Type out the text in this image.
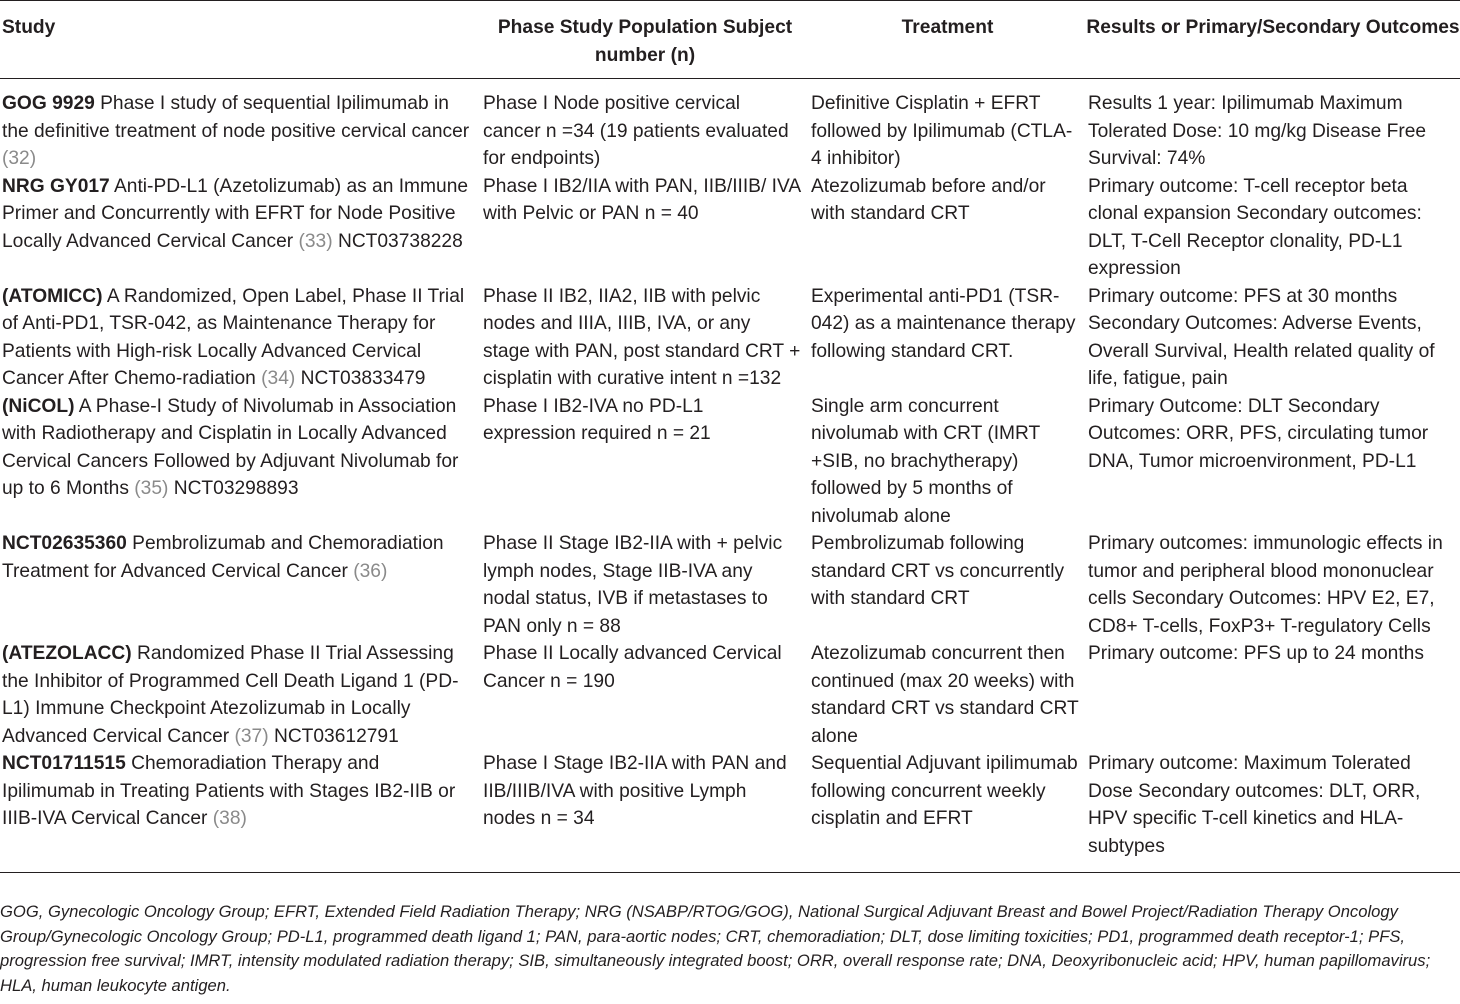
Study	Phase Study Population Subject number (n)	Treatment	Results or Primary/Secondary Outcomes
GOG 9929 Phase I study of sequential Ipilimumab in the definitive treatment of node positive cervical cancer (32)	Phase I Node positive cervical cancer n =34 (19 patients evaluated for endpoints)	Definitive Cisplatin + EFRT followed by Ipilimumab (CTLA-4 inhibitor)	Results 1 year: Ipilimumab Maximum Tolerated Dose: 10 mg/kg Disease Free Survival: 74%
NRG GY017 Anti-PD-L1 (Azetolizumab) as an Immune Primer and Concurrently with EFRT for Node Positive Locally Advanced Cervical Cancer (33) NCT03738228	Phase I IB2/IIA with PAN, IIB/IIIB/ IVA with Pelvic or PAN n = 40	Atezolizumab before and/or with standard CRT	Primary outcome: T-cell receptor beta clonal expansion Secondary outcomes: DLT, T-Cell Receptor clonality, PD-L1 expression
(ATOMICC) A Randomized, Open Label, Phase II Trial of Anti-PD1, TSR-042, as Maintenance Therapy for Patients with High-risk Locally Advanced Cervical Cancer After Chemo-radiation (34) NCT03833479	Phase II IB2, IIA2, IIB with pelvic nodes and IIIA, IIIB, IVA, or any stage with PAN, post standard CRT + cisplatin with curative intent n =132	Experimental anti-PD1 (TSR-042) as a maintenance therapy following standard CRT.	Primary outcome: PFS at 30 months Secondary Outcomes: Adverse Events, Overall Survival, Health related quality of life, fatigue, pain
(NiCOL) A Phase-I Study of Nivolumab in Association with Radiotherapy and Cisplatin in Locally Advanced Cervical Cancers Followed by Adjuvant Nivolumab for up to 6 Months (35) NCT03298893	Phase I IB2-IVA no PD-L1 expression required n = 21	Single arm concurrent nivolumab with CRT (IMRT +SIB, no brachytherapy) followed by 5 months of nivolumab alone	Primary Outcome: DLT Secondary Outcomes: ORR, PFS, circulating tumor DNA, Tumor microenvironment, PD-L1
NCT02635360 Pembrolizumab and Chemoradiation Treatment for Advanced Cervical Cancer (36)	Phase II Stage IB2-IIA with + pelvic lymph nodes, Stage IIB-IVA any nodal status, IVB if metastases to PAN only n = 88	Pembrolizumab following standard CRT vs concurrently with standard CRT	Primary outcomes: immunologic effects in tumor and peripheral blood mononuclear cells Secondary Outcomes: HPV E2, E7, CD8+ T-cells, FoxP3+ T-regulatory Cells
(ATEZOLACC) Randomized Phase II Trial Assessing the Inhibitor of Programmed Cell Death Ligand 1 (PD-L1) Immune Checkpoint Atezolizumab in Locally Advanced Cervical Cancer (37) NCT03612791	Phase II Locally advanced Cervical Cancer n = 190	Atezolizumab concurrent then continued (max 20 weeks) with standard CRT vs standard CRT alone	Primary outcome: PFS up to 24 months
NCT01711515 Chemoradiation Therapy and Ipilimumab in Treating Patients with Stages IB2-IIB or IIIB-IVA Cervical Cancer (38)	Phase I Stage IB2-IIA with PAN and IIB/IIIB/IVA with positive Lymph nodes n = 34	Sequential Adjuvant ipilimumab following concurrent weekly cisplatin and EFRT	Primary outcome: Maximum Tolerated Dose Secondary outcomes: DLT, ORR, HPV specific T-cell kinetics and HLA-subtypes
GOG, Gynecologic Oncology Group; EFRT, Extended Field Radiation Therapy; NRG (NSABP/RTOG/GOG), National Surgical Adjuvant Breast and Bowel Project/Radiation Therapy Oncology Group/Gynecologic Oncology Group; PD-L1, programmed death ligand 1; PAN, para-aortic nodes; CRT, chemoradiation; DLT, dose limiting toxicities; PD1, programmed death receptor-1; PFS, progression free survival; IMRT, intensity modulated radiation therapy; SIB, simultaneously integrated boost; ORR, overall response rate; DNA, Deoxyribonucleic acid; HPV, human papillomavirus; HLA, human leukocyte antigen.
